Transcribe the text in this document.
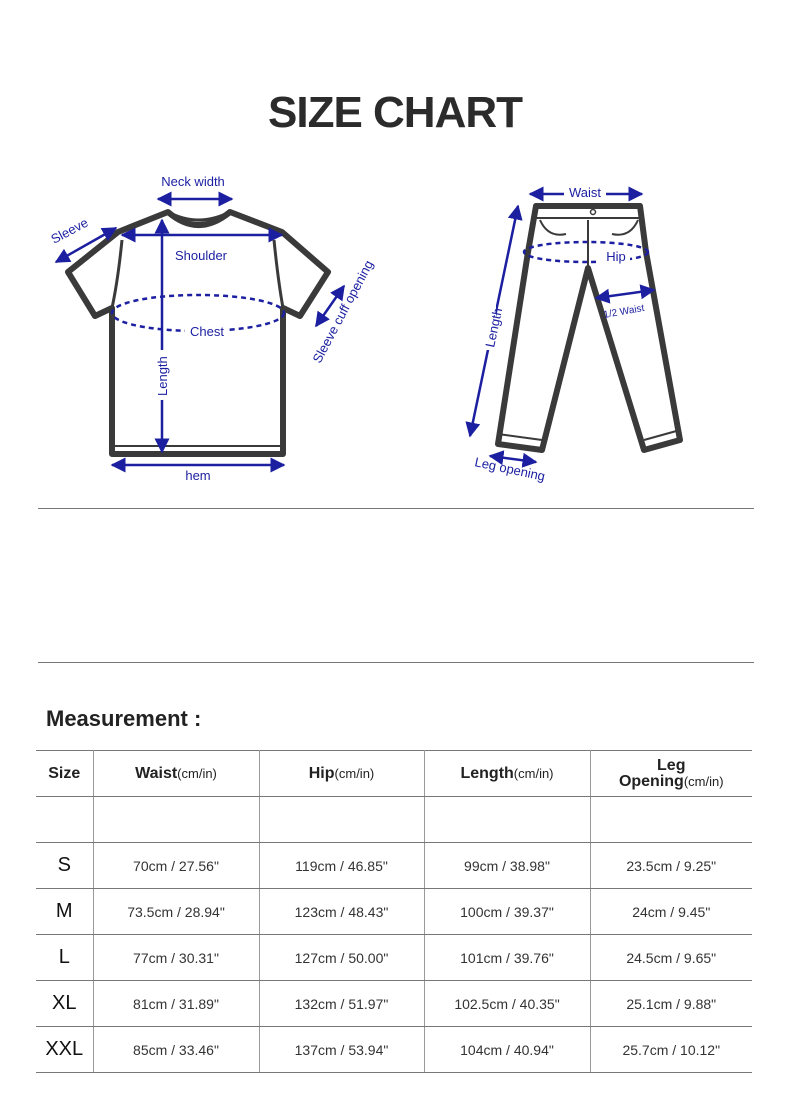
SIZE CHART
Neck width
Sleeve
Shoulder
Chest
Length
hem
Sleeve cuff opening
Waist
Hip
Length	1/2 Waist
Leg opening
Measurement :
Size	Waist(cm/in)	Hip(cm/in)	Length(cm/in)	Leg
Opening(cm/in)

S	70cm / 27.56"	119cm / 46.85"	99cm / 38.98"	23.5cm / 9.25"
M	73.5cm / 28.94"	123cm / 48.43"	100cm / 39.37"	24cm / 9.45"
L	77cm / 30.31"	127cm / 50.00"	101cm / 39.76"	24.5cm / 9.65"
XL	81cm / 31.89"	132cm / 51.97"	102.5cm / 40.35"	25.1cm / 9.88"
XXL	85cm / 33.46"	137cm / 53.94"	104cm / 40.94"	25.7cm / 10.12"
